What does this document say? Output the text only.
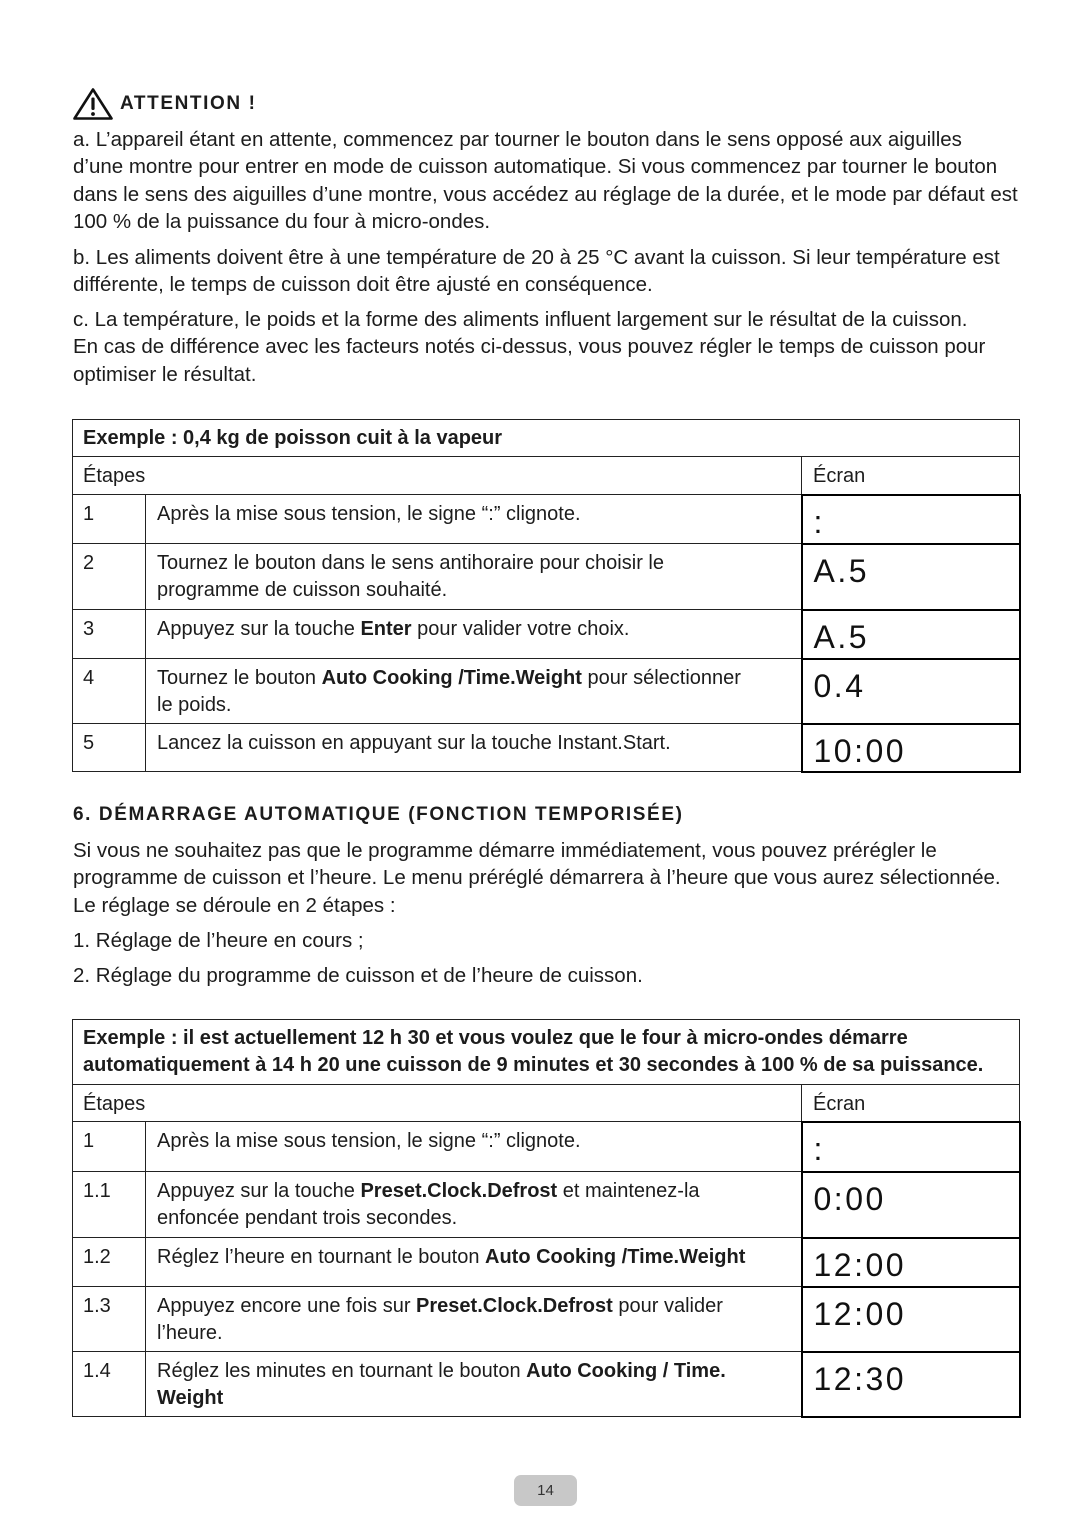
ATTENTION !
a. L’appareil étant en attente, commencez par tourner le bouton dans le sens opposé aux aiguilles
d’une montre pour entrer en mode de cuisson automatique. Si vous commencez par tourner le bouton
dans le sens des aiguilles d’une montre, vous accédez au réglage de la durée, et le mode par défaut est
100 % de la puissance du four à micro-ondes.
b. Les aliments doivent être à une température de 20 à 25 °C avant la cuisson. Si leur température est
différente, le temps de cuisson doit être ajusté en conséquence.
c. La température, le poids et la forme des aliments influent largement sur le résultat de la cuisson.
En cas de différence avec les facteurs notés ci-dessus, vous pouvez régler le temps de cuisson pour
optimiser le résultat.
Exemple : 0,4 kg de poisson cuit à la vapeur		
Étapes		Écran
1	Après la mise sous tension, le signe “:” clignote.	:
2	Tournez le bouton dans le sens antihoraire pour choisir le
programme de cuisson souhaité.	A.5
3	Appuyez sur la touche Enter pour valider votre choix.	A.5
4	Tournez le bouton Auto Cooking /Time.Weight pour sélectionner
le poids.	0.4
5	Lancez la cuisson en appuyant sur la touche Instant.Start.	10:00
6. DÉMARRAGE AUTOMATIQUE (FONCTION TEMPORISÉE)
Si vous ne souhaitez pas que le programme démarre immédiatement, vous pouvez prérégler le
programme de cuisson et l’heure. Le menu préréglé démarrera à l’heure que vous aurez sélectionnée.
Le réglage se déroule en 2 étapes :
1. Réglage de l’heure en cours ;
2. Réglage du programme de cuisson et de l’heure de cuisson.
Exemple : il est actuellement 12 h 30 et vous voulez que le four à micro-ondes démarre
automatiquement à 14 h 20 une cuisson de 9 minutes et 30 secondes à 100 % de sa puissance.		

Étapes		Écran
1	Après la mise sous tension, le signe “:” clignote.	:
1.1	Appuyez sur la touche Preset.Clock.Defrost et maintenez-la
enfoncée pendant trois secondes.	0:00
1.2	Réglez l’heure en tournant le bouton Auto Cooking /Time.Weight	12:00
1.3	Appuyez encore une fois sur Preset.Clock.Defrost pour valider
l’heure.	12:00
1.4	Réglez les minutes en tournant le bouton Auto Cooking / Time.
Weight	12:30
14
